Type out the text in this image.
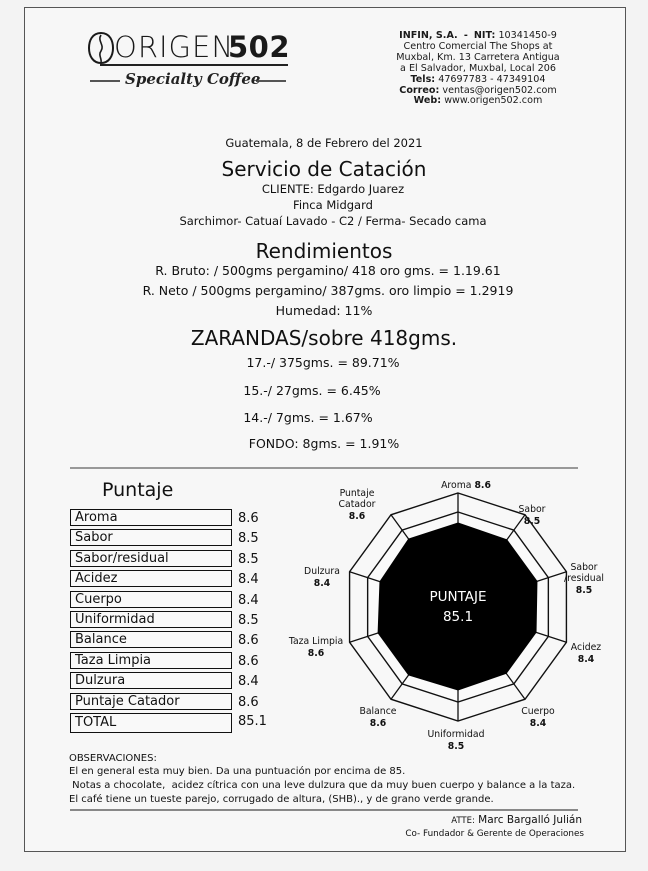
ORIGEN
502
Specialty Coffee
INFIN, S.A. - NIT: 10341450-9
Centro Comercial The Shops at
Muxbal, Km. 13 Carretera Antigua
a El Salvador, Muxbal, Local 206
Tels: 47697783 - 47349104
Correo: ventas@origen502.com
Web: www.origen502.com
Guatemala, 8 de Febrero del 2021
Servicio de Catación
CLIENTE: Edgardo Juarez
Finca Midgard
Sarchimor- Catuaí Lavado - C2 / Ferma- Secado cama
Rendimientos
R. Bruto: / 500gms pergamino/ 418 oro gms. = 1.19.61
R. Neto / 500gms pergamino/ 387gms. oro limpio = 1.2919
Humedad: 11%
ZARANDAS/sobre 418gms.
17.-/ 375gms. = 89.71%
15.-/ 27gms. = 6.45%
14.-/ 7gms. = 1.67%
FONDO: 8gms. = 1.91%
Puntaje
Aroma	8.6
Sabor	8.5
Sabor/residual	8.5
Acidez	8.4
Cuerpo	8.4
Uniformidad	8.5
Balance	8.6
Taza Limpia	8.6
Dulzura	8.4
Puntaje Catador	8.6
TOTAL	85.1
PUNTAJE
85.1
Aroma 8.6
Sabor
8.5
Sabor
/residual
8.5
Acidez
8.4
Cuerpo
8.4
Uniformidad
8.5
Balance
8.6
Taza Limpia
8.6
Dulzura
8.4
Puntaje
Catador
8.6
OBSERVACIONES:
El en general esta muy bien. Da una puntuación por encima de 85.
Notas a chocolate,  acidez cítrica con una leve dulzura que da muy buen cuerpo y balance a la taza.
El café tiene un tueste parejo, corrugado de altura, (SHB)., y de grano verde grande.
ATTE: Marc Bargalló Julián
Co- Fundador & Gerente de Operaciones
